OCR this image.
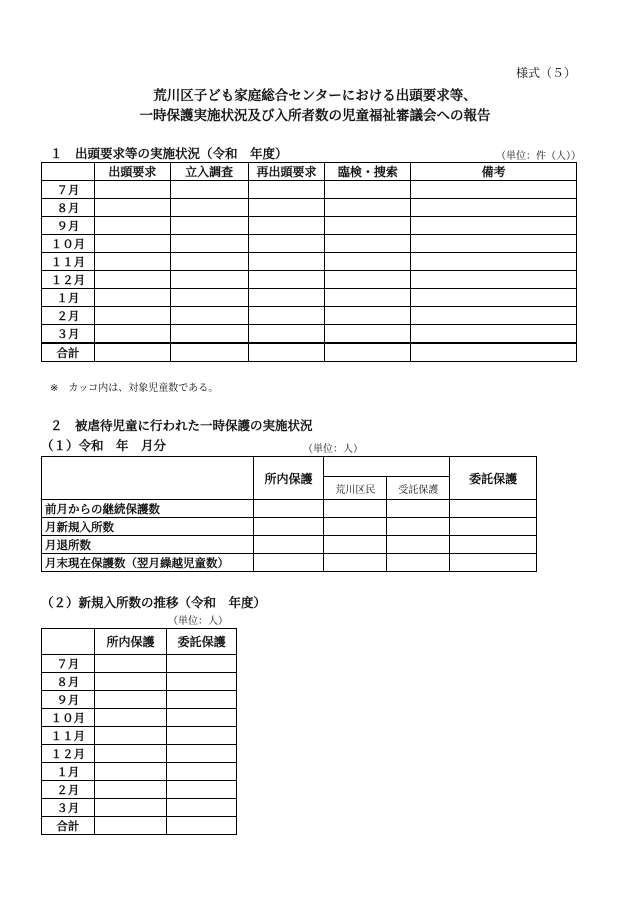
様式（５）
荒川区子ども家庭総合センターにおける出頭要求等、
一時保護実施状況及び入所者数の児童福祉審議会への報告
１　出頭要求等の実施状況（令和　年度）	（単位：件（人））
	出頭要求	立入調査	再出頭要求	臨検・捜索	備考
７月					
８月					
９月					
１０月					
１１月					
１２月					
１月					
２月					
３月					
合計					
※　カッコ内は、対象児童数である。
２　被虐待児童に行われた一時保護の実施状況
（１）令和　年　月分	（単位：人）
	所内保護			委託保護
		荒川区民	受託保護	
前月からの継続保護数				
月新規入所数				
月退所数				
月末現在保護数（翌月繰越児童数）				
（２）新規入所数の推移（令和　年度）
（単位：人）
	所内保護	委託保護
７月		
８月		
９月		
１０月		
１１月		
１２月		
１月		
２月		
３月		
合計		
